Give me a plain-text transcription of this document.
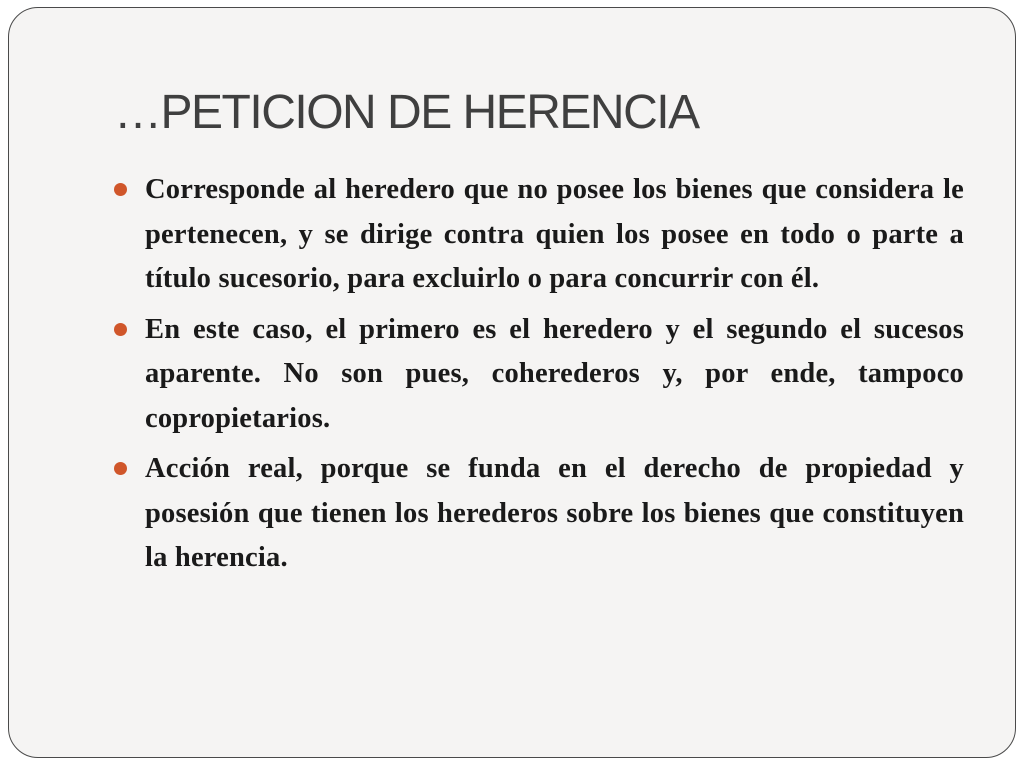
…PETICION DE HERENCIA
Corresponde al heredero que no posee los bienes que considera le pertenecen, y se dirige contra quien los posee en todo o parte a título sucesorio, para excluirlo o para concurrir con él.
En este caso, el primero es el heredero y el segundo el sucesos aparente. No son pues, coherederos y, por ende, tampoco copropietarios.
Acción real, porque se funda en el derecho de propiedad y posesión que tienen los herederos sobre los bienes que constituyen la herencia.
